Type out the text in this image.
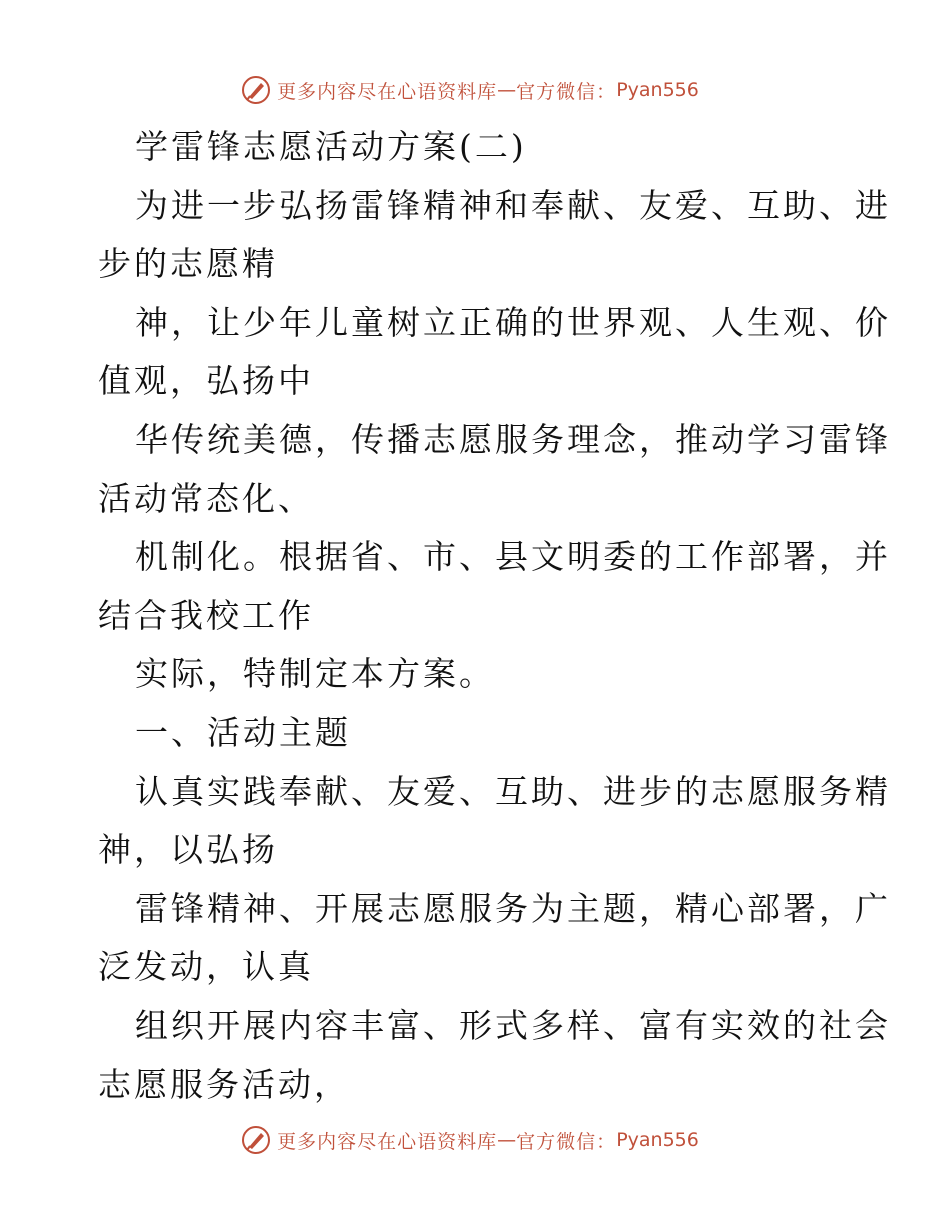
更多内容尽在心语资料库 — 官方微信： Pyan556

学雷锋志愿活动方案(二)

为进一步弘扬雷锋精神和奉献、友爱、互助、进

步的志愿精

神，让少年儿童树立正确的世界观、人生观、价

值观，弘扬中

华传统美德，传播志愿服务理念，推动学习雷锋

活动常态化、

机制化。根据省、市、县文明委的工作部署，并

结合我校工作

实际，特制定本方案。

一、活动主题

认真实践奉献、友爱、互助、进步的志愿服务精

神，以弘扬

雷锋精神、开展志愿服务为主题，精心部署，广

泛发动，认真

组织开展内容丰富、形式多样、富有实效的社会

志愿服务活动，

更多内容尽在心语资料库 — 官方微信： Pyan556
